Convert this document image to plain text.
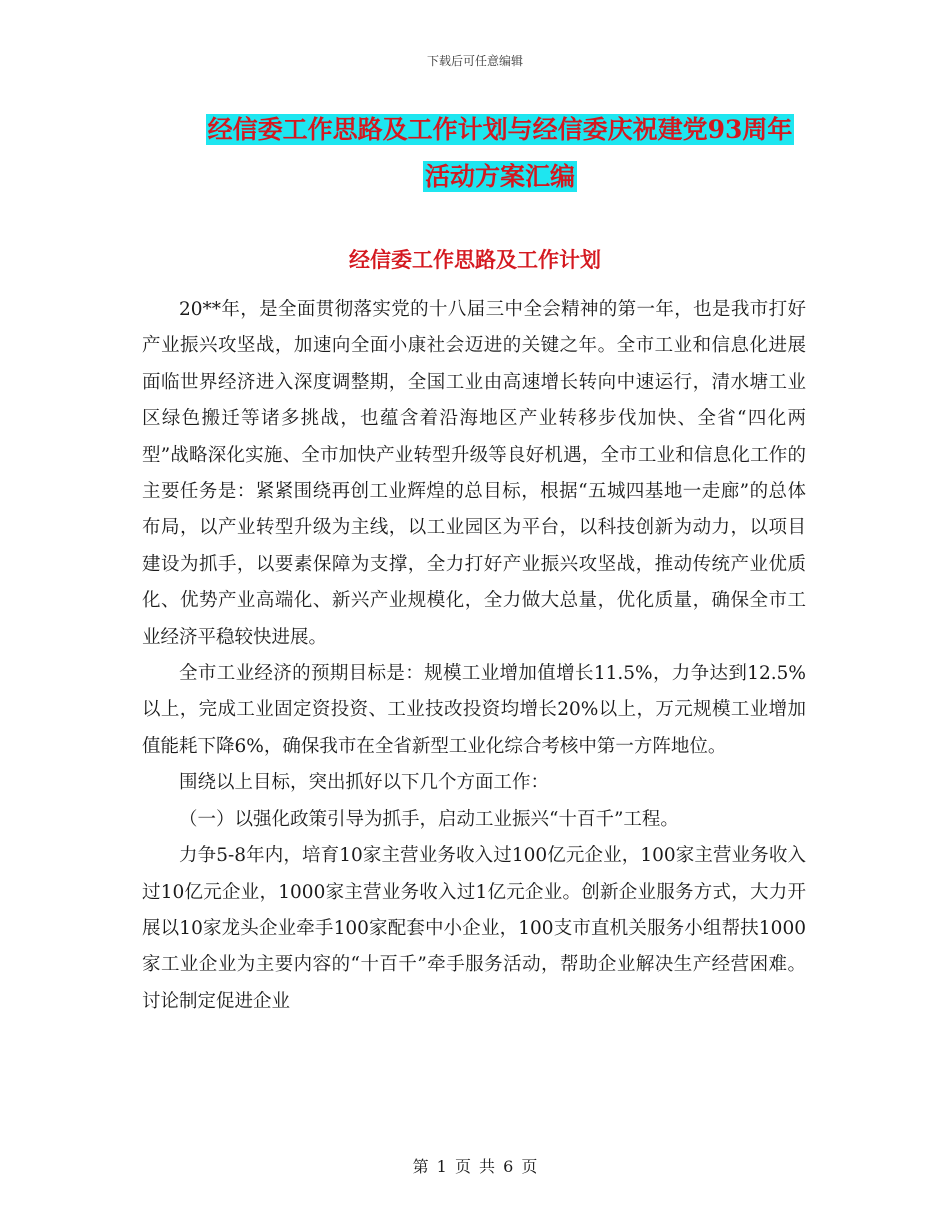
下载后可任意编辑
经信委工作思路及工作计划与经信委庆祝建党93周年
活动方案汇编
经信委工作思路及工作计划

20**年，是全面贯彻落实党的十八届三中全会精神的第一年，也是我市打好产业振兴攻坚战，加速向全面小康社会迈进的关键之年。全市工业和信息化进展面临世界经济进入深度调整期，全国工业由高速增长转向中速运行，清水塘工业区绿色搬迁等诸多挑战，也蕴含着沿海地区产业转移步伐加快、全省“四化两型”战略深化实施、全市加快产业转型升级等良好机遇，全市工业和信息化工作的主要任务是：紧紧围绕再创工业辉煌的总目标，根据“五城四基地一走廊”的总体布局，以产业转型升级为主线，以工业园区为平台，以科技创新为动力，以项目建设为抓手，以要素保障为支撑，全力打好产业振兴攻坚战，推动传统产业优质化、优势产业高端化、新兴产业规模化，全力做大总量，优化质量，确保全市工业经济平稳较快进展。

全市工业经济的预期目标是：规模工业增加值增长11.5%，力争达到12.5%以上，完成工业固定资投资、工业技改投资均增长20%以上，万元规模工业增加值能耗下降6%，确保我市在全省新型工业化综合考核中第一方阵地位。

围绕以上目标，突出抓好以下几个方面工作：

（一）以强化政策引导为抓手，启动工业振兴“十百千”工程。

力争5-8年内，培育10家主营业务收入过100亿元企业，100家主营业务收入过10亿元企业，1000家主营业务收入过1亿元企业。创新企业服务方式，大力开展以10家龙头企业牵手100家配套中小企业，100支市直机关服务小组帮扶1000家工业企业为主要内容的“十百千”牵手服务活动，帮助企业解决生产经营困难。讨论制定促进企业

第 1 页 共 6 页
